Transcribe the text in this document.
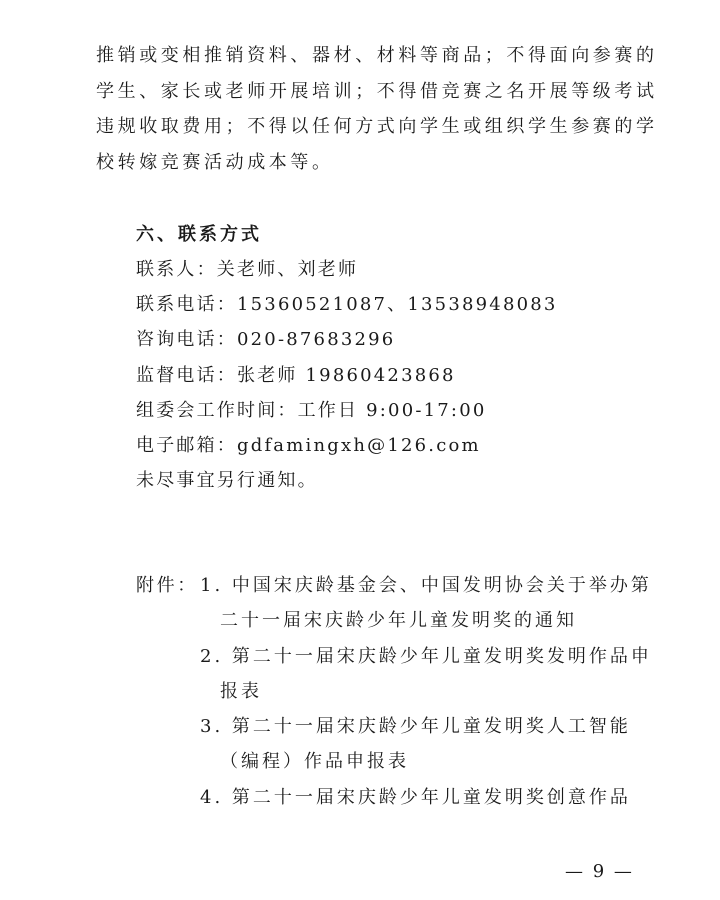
推销或变相推销资料、器材、材料等商品；不得面向参赛的
学生、家长或老师开展培训；不得借竞赛之名开展等级考试
违规收取费用；不得以任何方式向学生或组织学生参赛的学
校转嫁竞赛活动成本等。
六、联系方式
联系人：关老师、刘老师
联系电话：15360521087、13538948083
咨询电话：020-87683296
监督电话：张老师 19860423868
组委会工作时间：工作日 9:00-17:00
电子邮箱：gdfamingxh@126.com
未尽事宜另行通知。
附件： 1. 中国宋庆龄基金会、中国发明协会关于举办第
二十一届宋庆龄少年儿童发明奖的通知
2. 第二十一届宋庆龄少年儿童发明奖发明作品申
报表
3. 第二十一届宋庆龄少年儿童发明奖人工智能
（编程）作品申报表
4. 第二十一届宋庆龄少年儿童发明奖创意作品
— 9 —
